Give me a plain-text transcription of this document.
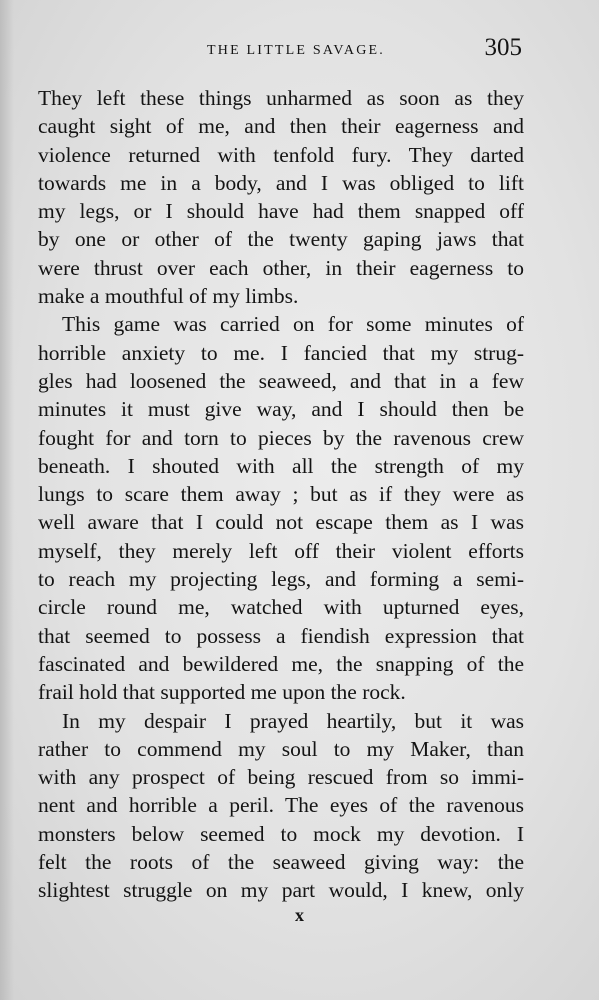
THE LITTLE SAVAGE.	305
They left these things unharmed as soon as they
caught sight of me, and then their eagerness and
violence returned with tenfold fury. They darted
towards me in a body, and I was obliged to lift
my legs, or I should have had them snapped off
by one or other of the twenty gaping jaws that
were thrust over each other, in their eagerness to
make a mouthful of my limbs.
This game was carried on for some minutes of
horrible anxiety to me. I fancied that my strug-
gles had loosened the seaweed, and that in a few
minutes it must give way, and I should then be
fought for and torn to pieces by the ravenous crew
beneath. I shouted with all the strength of my
lungs to scare them away ; but as if they were as
well aware that I could not escape them as I was
myself, they merely left off their violent efforts
to reach my projecting legs, and forming a semi-
circle round me, watched with upturned eyes,
that seemed to possess a fiendish expression that
fascinated and bewildered me, the snapping of the
frail hold that supported me upon the rock.
In my despair I prayed heartily, but it was
rather to commend my soul to my Maker, than
with any prospect of being rescued from so immi-
nent and horrible a peril. The eyes of the ravenous
monsters below seemed to mock my devotion. I
felt the roots of the seaweed giving way: the
slightest struggle on my part would, I knew, only
x
